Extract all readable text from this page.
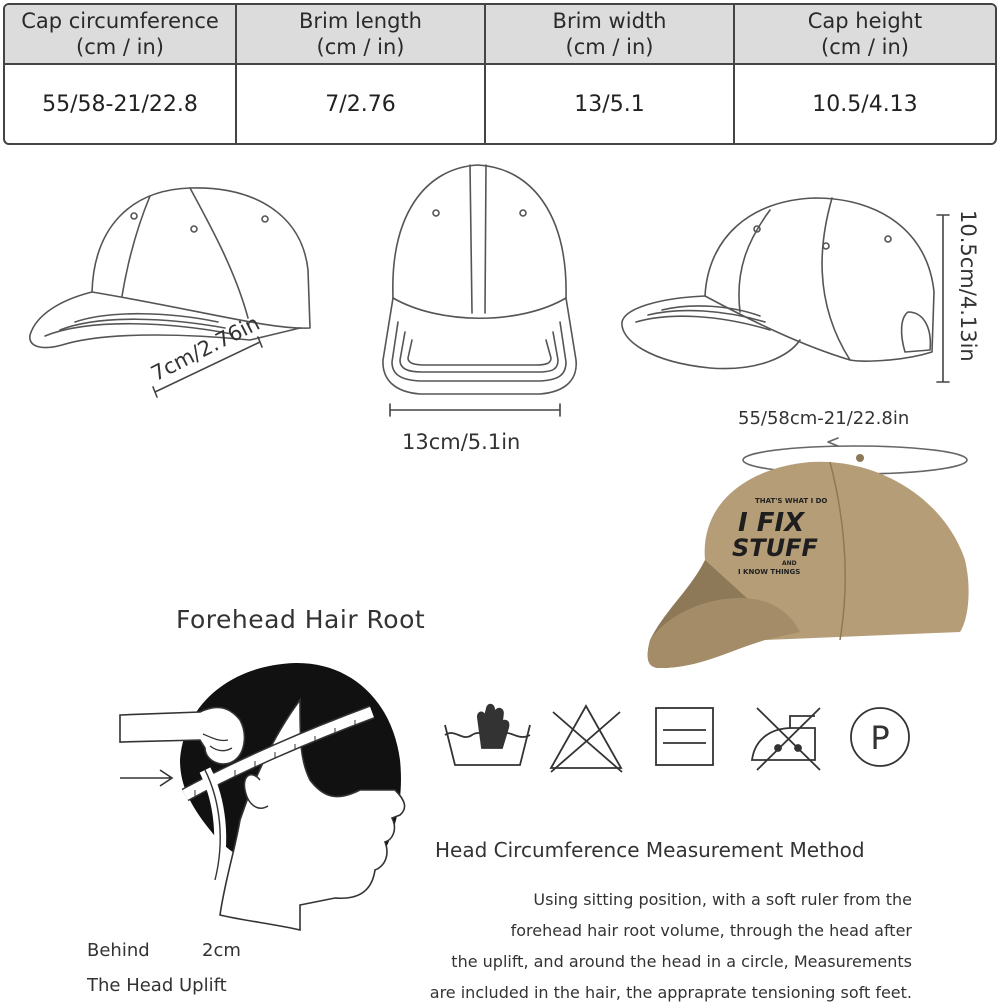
Cap circumference
(cm / in)
Brim length
(cm / in)
Brim width
(cm / in)
Cap height
(cm / in)
55/58-21/22.8	7/2.76	13/5.1	10.5/4.13
THAT'S WHAT I DO
I FIX
STUFF
AND
I KNOW THINGS
P
7cm/2.76in
13cm/5.1in
10.5cm/4.13in
55/58cm-21/22.8in
Forehead Hair Root
Head Circumference Measurement Method
Using sitting position, with a soft ruler from the
forehead hair root volume, through the head after
the uplift, and around the head in a circle, Measurements
are included in the hair, the appraprate tensioning soft feet.
Behind	2cm
The Head Uplift
